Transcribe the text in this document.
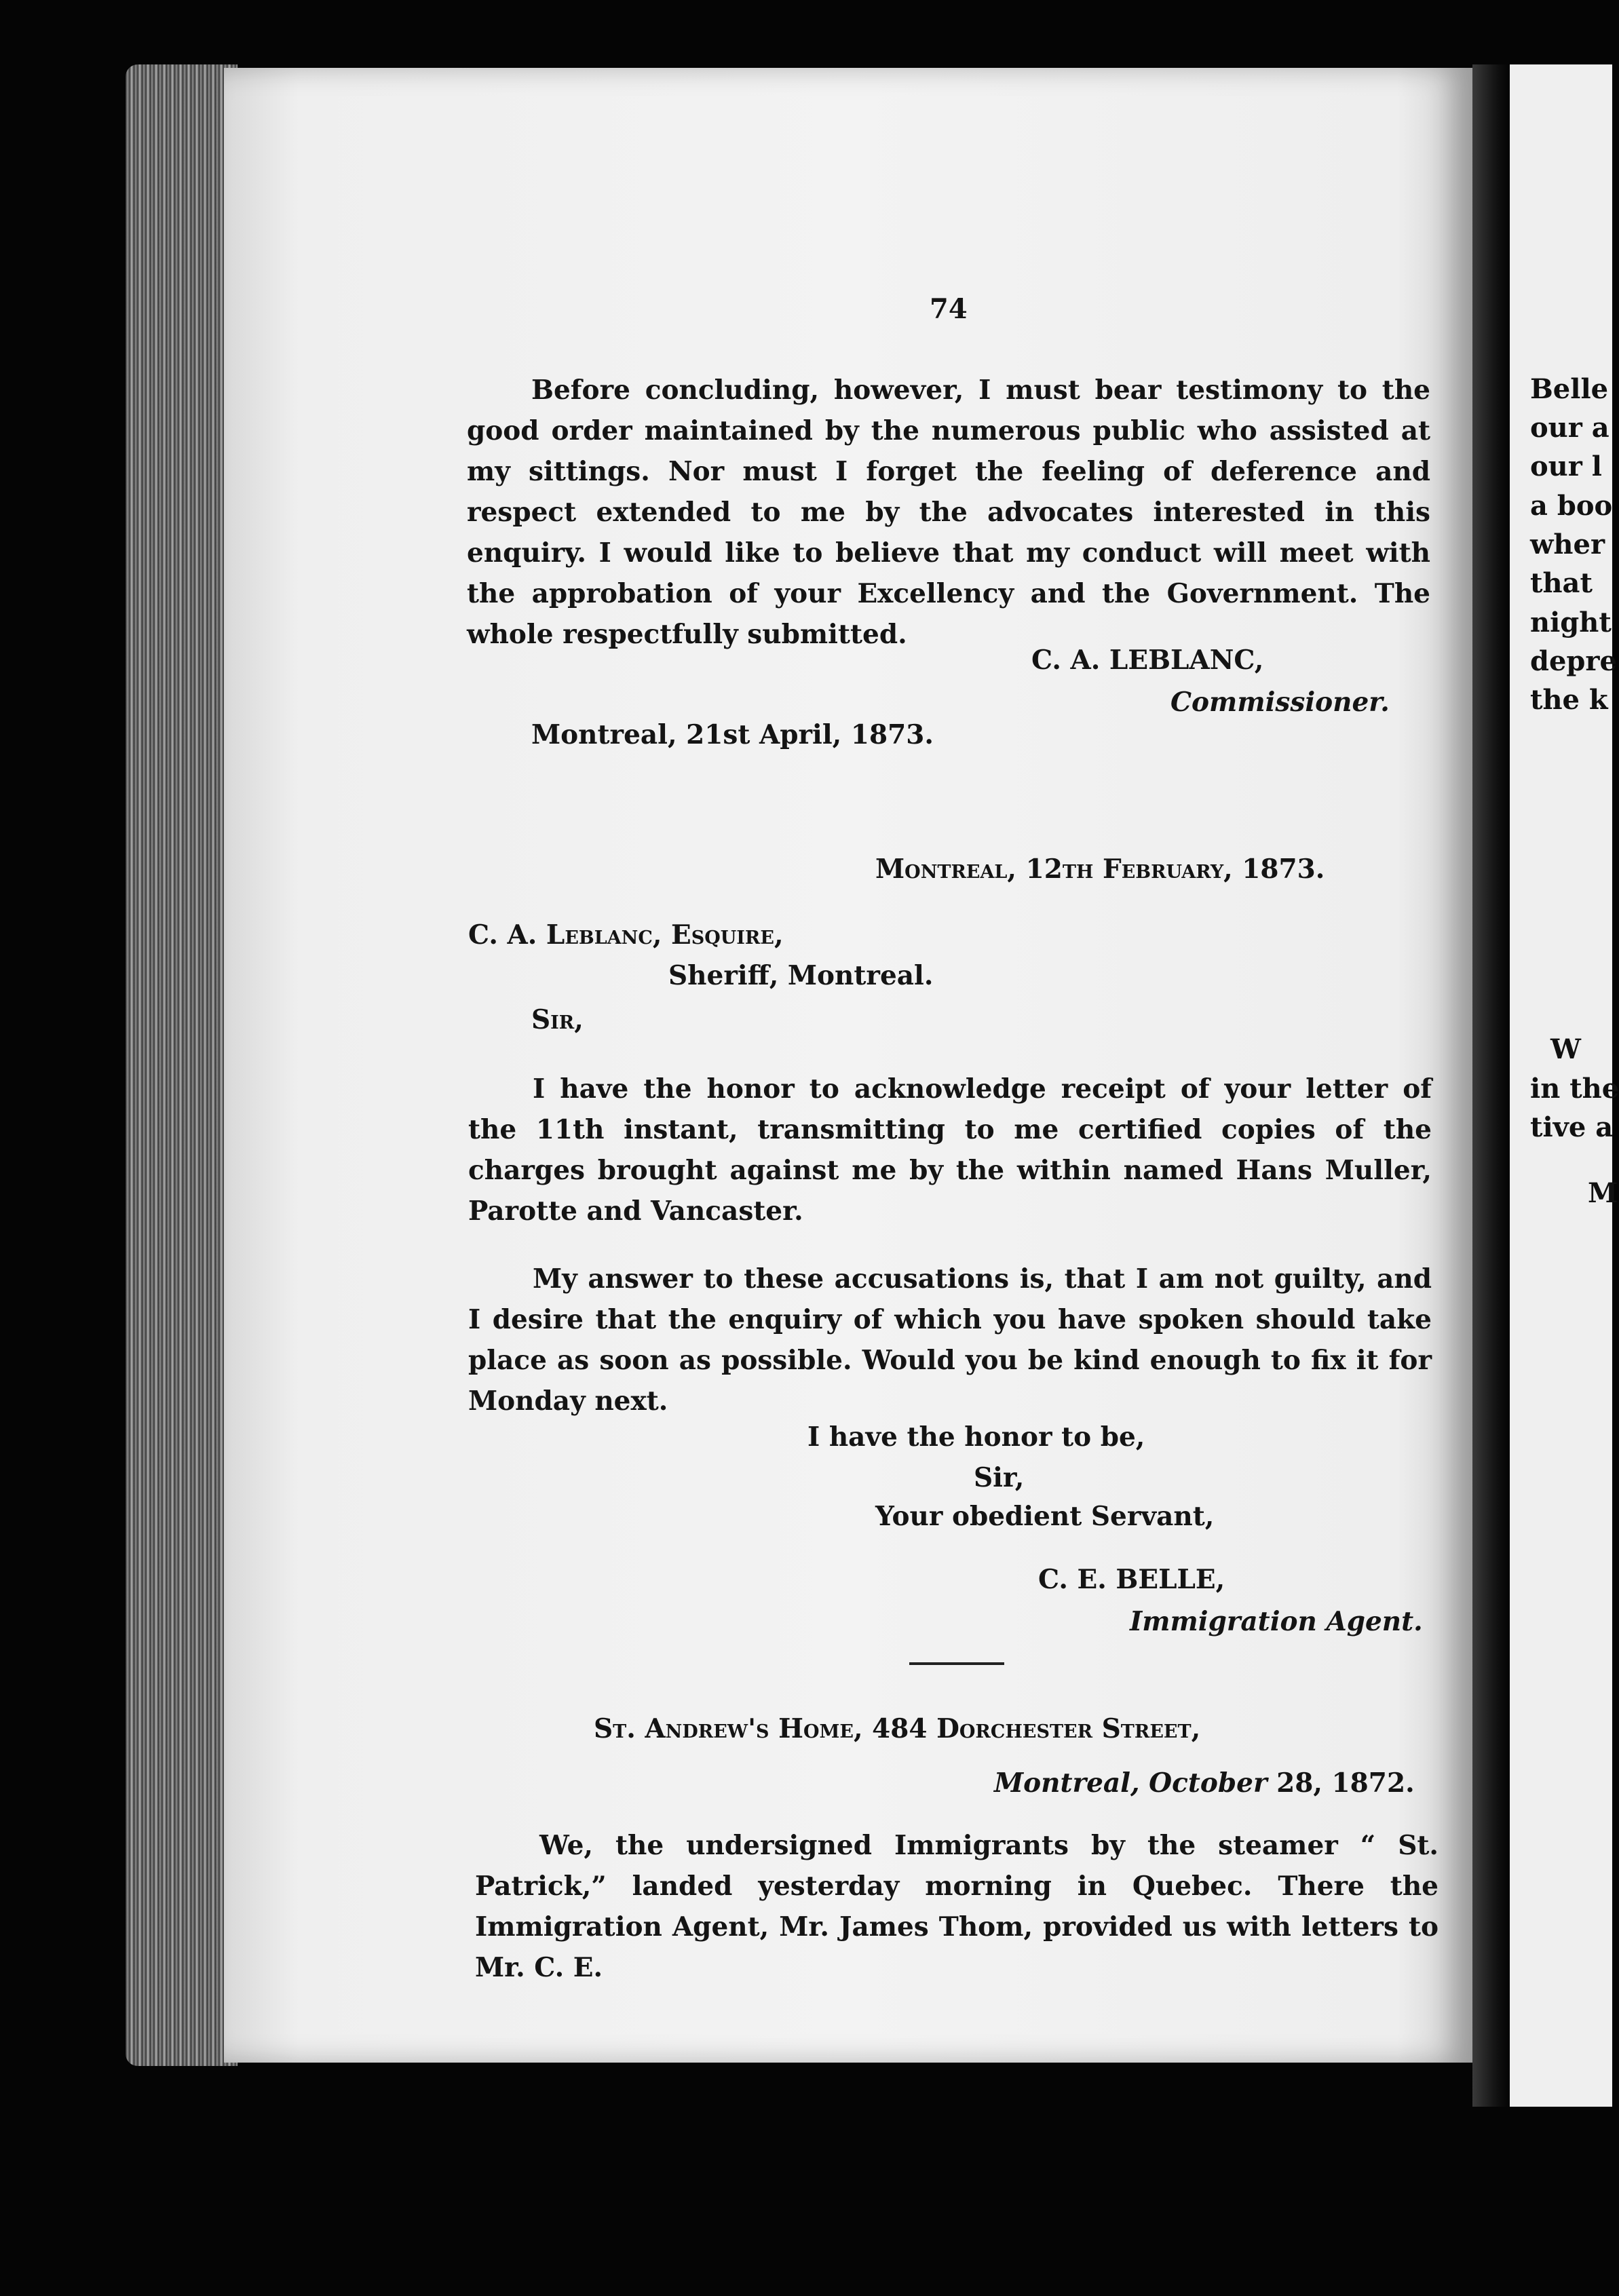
Belle
our a
our l
a boo
wher
that
night
depre
the k
W
in the
tive a
M
74
Before concluding, however, I must bear testimony to the good order maintained by the numerous public who assisted at my sittings. Nor must I forget the feeling of deference and respect extended to me by the advocates interested in this enquiry. I would like to believe that my conduct will meet with the approbation of your Excellency and the Government. The whole respectfully submitted.
C. A. LEBLANC,
Commissioner.
Montreal, 21st April, 1873.
Montreal, 12th February, 1873.
C. A. Leblanc, Esquire,
Sheriff, Montreal.
Sir,
I have the honor to acknowledge receipt of your letter of the 11th instant, transmitting to me certified copies of the charges brought against me by the within named Hans Muller, Parotte and Vancaster.
My answer to these accusations is, that I am not guilty, and I desire that the enquiry of which you have spoken should take place as soon as possible. Would you be kind enough to fix it for Monday next.
I have the honor to be,
Sir,
Your obedient Servant,
C. E. BELLE,
Immigration Agent.
St. Andrew's Home, 484 Dorchester Street,
Montreal, October 28, 1872.
We, the undersigned Immigrants by the steamer “ St. Patrick,” landed yesterday morning in Quebec. There the Immigration Agent, Mr. James Thom, provided us with letters to Mr. C. E.
